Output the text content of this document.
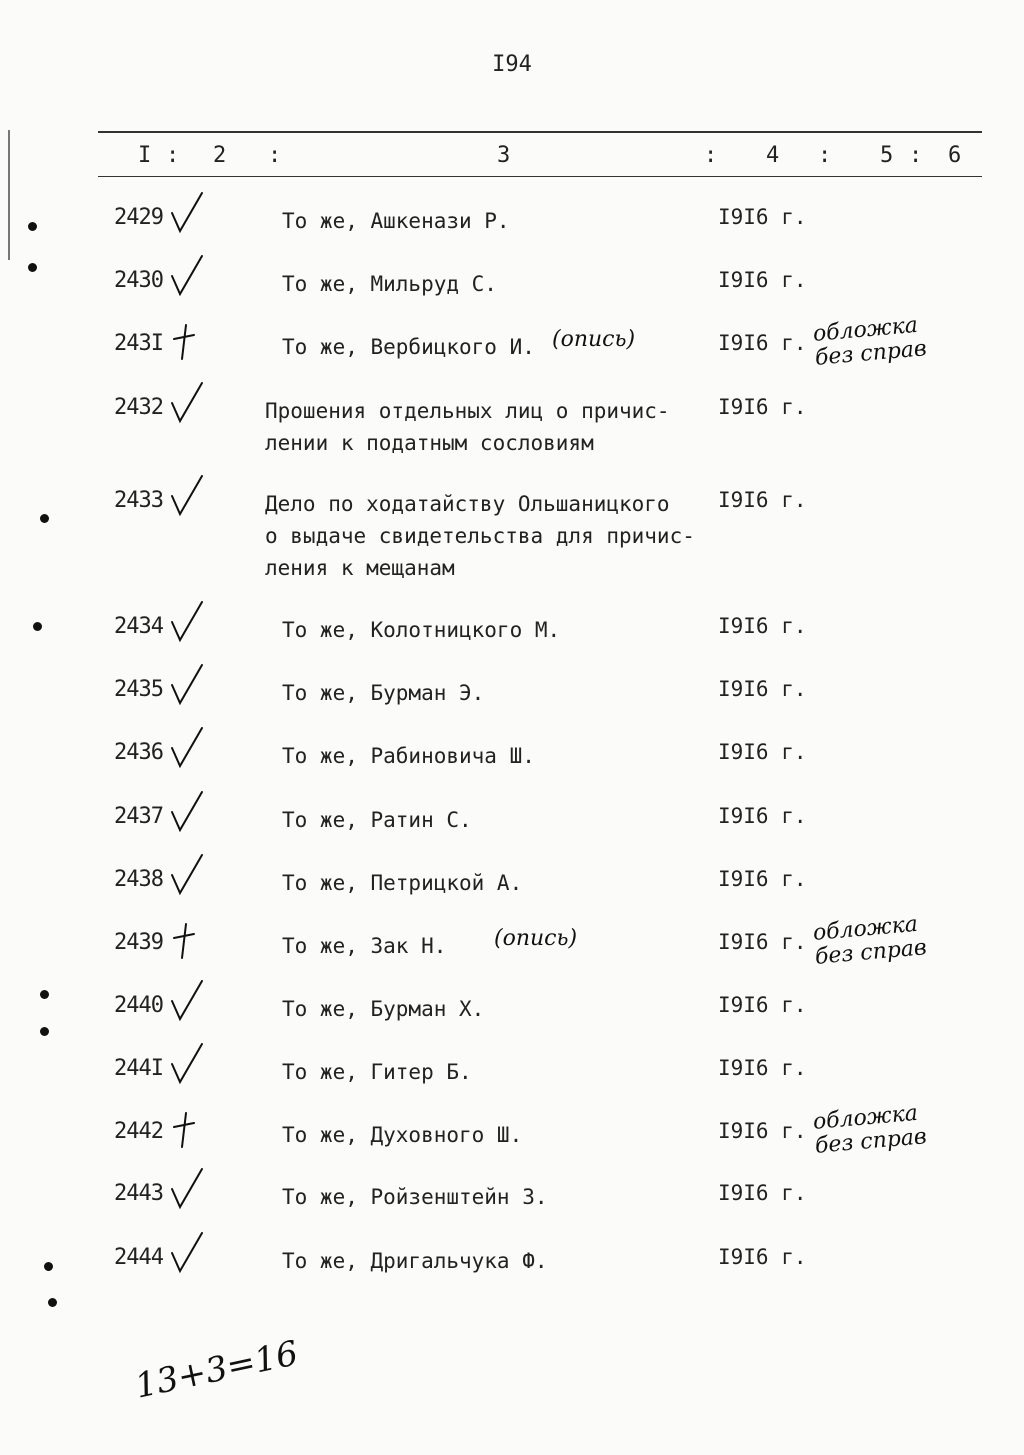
I94
I : 2 :	3	: 4 : 5 : 6
2429	То же, Ашкенази Р.	I9I6 г.
2430	То же, Мильруд С.	I9I6 г.
243I	То же, Вербицкого И. (опись)	I9I6 г. обложка
без справ
2432	Прошения отдельных лиц о причис-
лении к податным сословиям
I9I6 г.
2433	Дело по ходатайству Ольшаницкого
о выдаче свидетельства для причис-
ления к мещанам
I9I6 г.
2434	То же, Колотницкого М.	I9I6 г.
2435	То же, Бурман Э.	I9I6 г.
2436	То же, Рабиновича Ш.	I9I6 г.
2437	То же, Ратин С.	I9I6 г.
2438	То же, Петрицкой А.	I9I6 г.
2439	То же, Зак Н.	(опись)	I9I6 г. обложка
без справ
2440	То же, Бурман Х.	I9I6 г.
244I	То же, Гитер Б.	I9I6 г.
2442	То же, Духовного Ш.	I9I6 г. обложка
без справ
2443	То же, Ройзенштейн З.	I9I6 г.
2444	То же, Дригальчука Ф.	I9I6 г.
13+3=16
